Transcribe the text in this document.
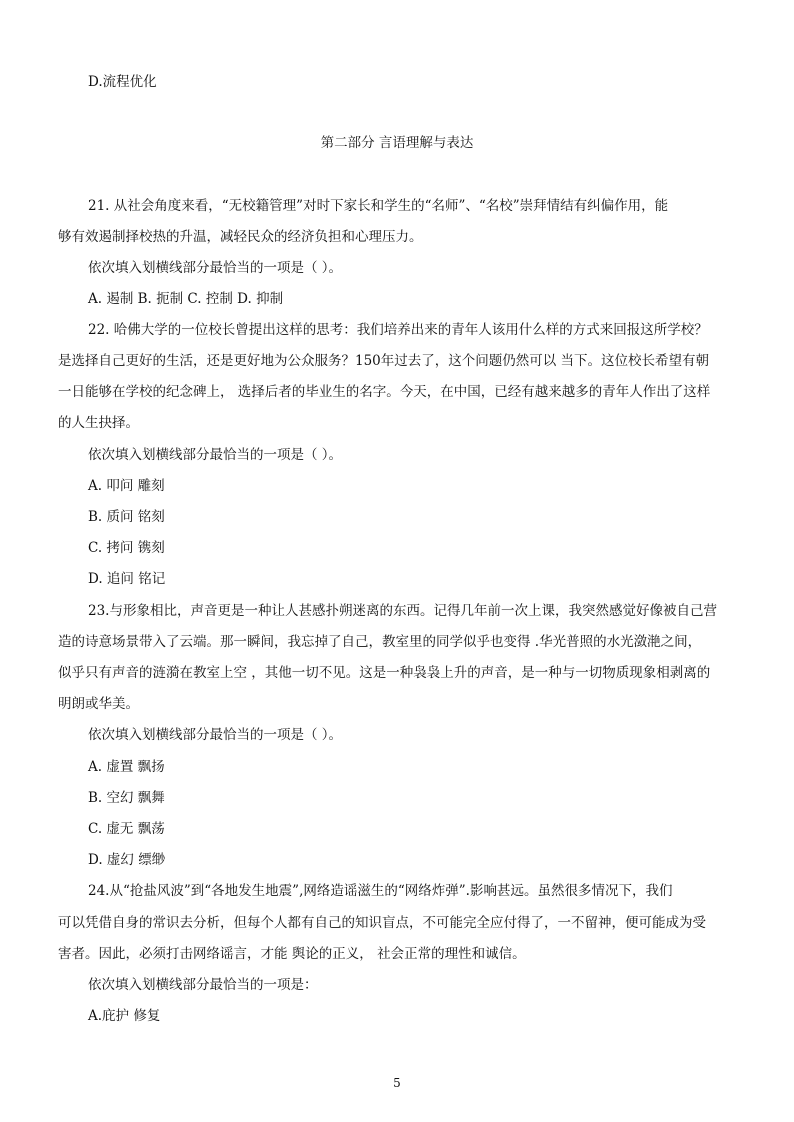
D.流程优化
第二部分 言语理解与表达
21. 从社会角度来看，“无校籍管理”对时下家长和学生的“名师”、“名校”崇拜情结有纠偏作用，能
够有效遏制择校热的升温，减轻民众的经济负担和心理压力。
依次填入划横线部分最恰当的一项是（ ）。
A. 遏制 B. 扼制 C. 控制 D. 抑制
22. 哈佛大学的一位校长曾提出这样的思考：我们培养出来的青年人该用什么样的方式来回报这所学校？
是选择自己更好的生活，还是更好地为公众服务？150年过去了，这个问题仍然可以 当下。这位校长希望有朝
一日能够在学校的纪念碑上， 选择后者的毕业生的名字。今天，在中国，已经有越来越多的青年人作出了这样
的人生抉择。
依次填入划横线部分最恰当的一项是（ ）。
A. 叩问 雕刻
B. 质问 铭刻
C. 拷问 镌刻
D. 追问 铭记
23.与形象相比，声音更是一种让人甚感扑朔迷离的东西。记得几年前一次上课，我突然感觉好像被自己营
造的诗意场景带入了云端。那一瞬间，我忘掉了自己，教室里的同学似乎也变得 .华光普照的水光潋滟之间，
似乎只有声音的涟漪在教室上空 ，其他一切不见。这是一种袅袅上升的声音，是一种与一切物质现象相剥离的
明朗或华美。
依次填入划横线部分最恰当的一项是（ ）。
A. 虚置 飘扬
B. 空幻 飘舞
C. 虚无 飘荡
D. 虚幻 缥缈
24.从“抢盐风波”到“各地发生地震”,网络造谣滋生的“网络炸弹”.影响甚远。虽然很多情况下，我们
可以凭借自身的常识去分析，但每个人都有自己的知识盲点，不可能完全应付得了，一不留神，便可能成为受
害者。因此，必须打击网络谣言，才能 舆论的正义， 社会正常的理性和诚信。
依次填入划横线部分最恰当的一项是：
A.庇护 修复
5
